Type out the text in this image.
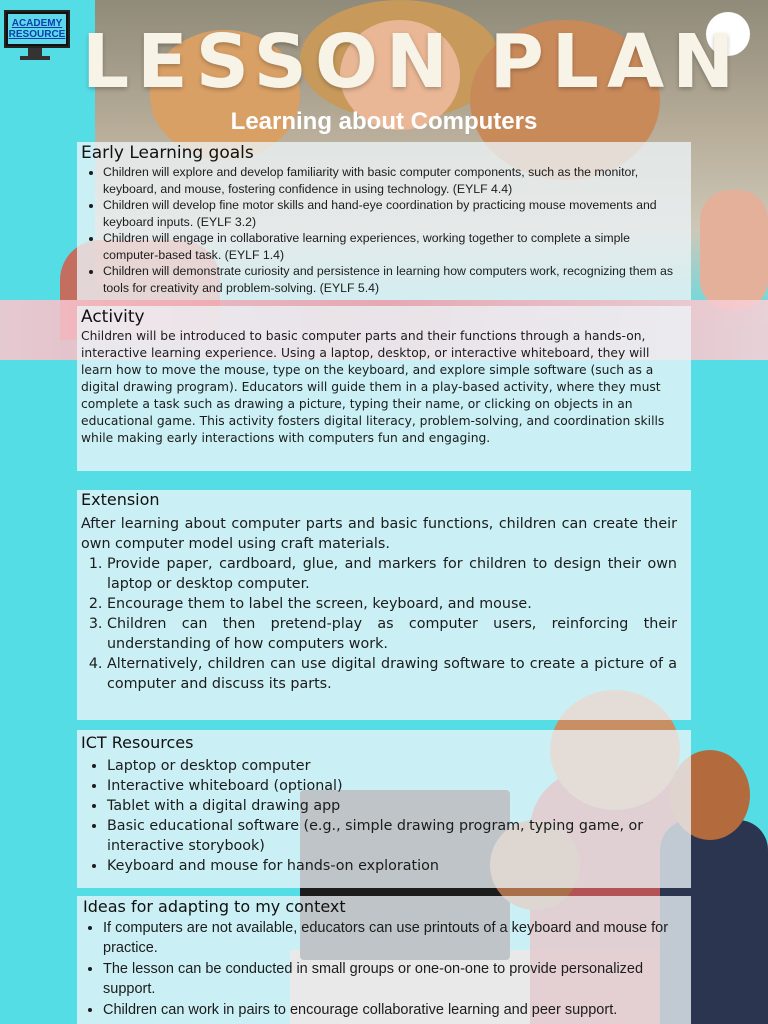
ACADEMY
RESOURCE LESSON PLAN
Learning about Computers
Early Learning goals
• Children will explore and develop familiarity with basic computer components, such as the monitor, keyboard, and mouse, fostering confidence in using technology. (EYLF 4.4)
• Children will develop fine motor skills and hand-eye coordination by practicing mouse movements and keyboard inputs. (EYLF 3.2)
• Children will engage in collaborative learning experiences, working together to complete a simple computer-based task. (EYLF 1.4)
• Children will demonstrate curiosity and persistence in learning how computers work, recognizing them as tools for creativity and problem-solving. (EYLF 5.4)
Activity

Children will be introduced to basic computer parts and their functions through a hands-on, interactive learning experience. Using a laptop, desktop, or interactive whiteboard, they will learn how to move the mouse, type on the keyboard, and explore simple software (such as a digital drawing program). Educators will guide them in a play-based activity, where they must complete a task such as drawing a picture, typing their name, or clicking on objects in an educational game. This activity fosters digital literacy, problem-solving, and coordination skills while making early interactions with computers fun and engaging.

Extension

After learning about computer parts and basic functions, children can create their own computer model using craft materials.

1. Provide paper, cardboard, glue, and markers for children to design their own laptop or desktop computer.
2. Encourage them to label the screen, keyboard, and mouse.
3. Children can then pretend-play as computer users, reinforcing their understanding of how computers work.
4. Alternatively, children can use digital drawing software to create a picture of a computer and discuss its parts.
ICT Resources
• Laptop or desktop computer
• Interactive whiteboard (optional)
• Tablet with a digital drawing app
• Basic educational software (e.g., simple drawing program, typing game, or interactive storybook)
• Keyboard and mouse for hands-on exploration
Ideas for adapting to my context
• If computers are not available, educators can use printouts of a keyboard and mouse for practice.
• The lesson can be conducted in small groups or one-on-one to provide personalized support.
• Children can work in pairs to encourage collaborative learning and peer support.
